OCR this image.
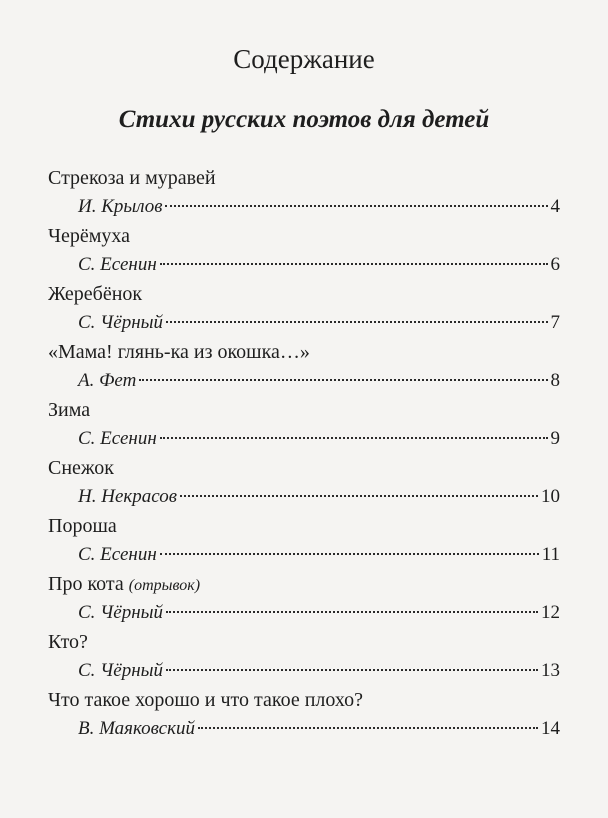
Содержание
Стихи русских поэтов для детей
Стрекоза и муравей
И. Крылов	4
Черёмуха
С. Есенин	6
Жеребёнок
С. Чёрный	7
«Мама! глянь-ка из окошка…»
А. Фет	8
Зима
С. Есенин	9
Снежок
Н. Некрасов	10
Пороша
С. Есенин	11
Про кота (отрывок)
С. Чёрный	12
Кто?
С. Чёрный	13
Что такое хорошо и что такое плохо?
В. Маяковский	14
